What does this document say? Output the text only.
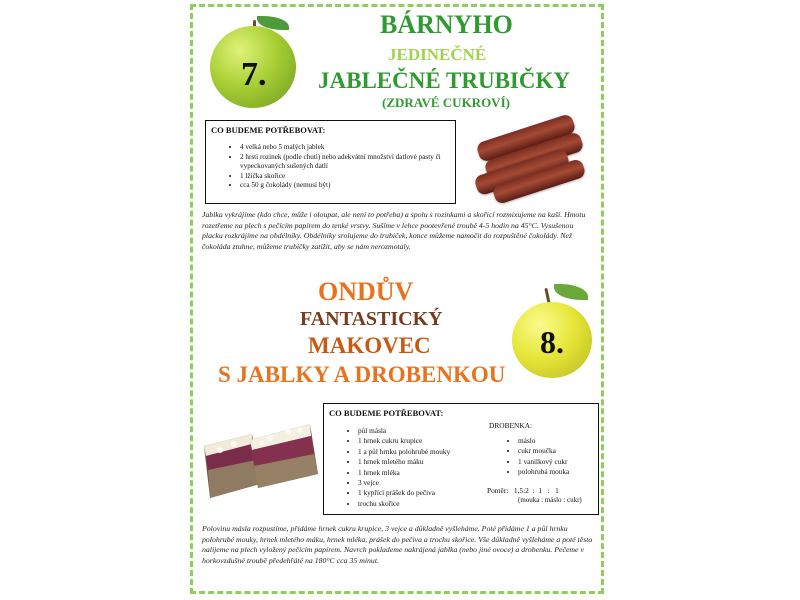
7.
BÁRNYHO
JEDINEČNÉ
JABLEČNÉ TRUBIČKY
(ZDRAVÉ CUKROVÍ)
CO BUDEME POTŘEBOVAT:
• 4 velká nebo 5 malých jablek
• 2 hrsti rozinek (podle chuti) nebo adekvátní množství datlové pasty či vypeckovaných sušených datlí
• 1 lžička skořice
• cca 50 g čokolády (nemusí být)
Jablka vykrájíme (kdo chce, může i oloupat, ale není to potřeba) a spolu s rozinkami a skořicí rozmixujeme na kaši. Hmotu rozetřeme na plech s pečícím papírem do tenké vrstvy. Sušíme v lehce pootevřené troubě 4-5 hodin na 45°C. Vysušenou placku rozkrájíme na obdélníky. Obdélníky srolujeme do trubiček, konce můžeme namočit do rozpuštěné čokolády. Než čokoláda ztuhne, můžeme trubičky zatížit, aby se nám nerozmotaly.
ONDŮV
FANTASTICKÝ
MAKOVEC
S JABLKY A DROBENKOU
8.
CO BUDEME POTŘEBOVAT:
• půl másla
• 1 hrnek cukru krupice
• 1 a půl hrnku polohrubé mouky
• 1 hrnek mletého máku
• 1 hrnek mléka
• 3 vejce
• 1 kypřící prášek do pečiva
• trochu skořice
DROBENKA:
• máslo
• cukr moučka
• 1 vanilkový cukr
• polohrubá mouka
Poměr:   1,5:2  :  1   :   1
(mouka : máslo : cukr)
Polovinu másla rozpustíme, přidáme hrnek cukru krupice, 3 vejce a důkladně vyšleháme. Poté přidáme 1 a půl hrnku polohrubé mouky, hrnek mletého máku, hrnek mléka, prášek do pečiva a trochu skořice. Vše důkladně vyšleháme a poté těsto nalijeme na plech vyložený pečícím papírem. Navrch poklademe nakrájená jablka (nebo jiné ovoce) a drobenku. Pečeme v horkovzdušné troubě předehřáté na 180°C cca 35 minut.
